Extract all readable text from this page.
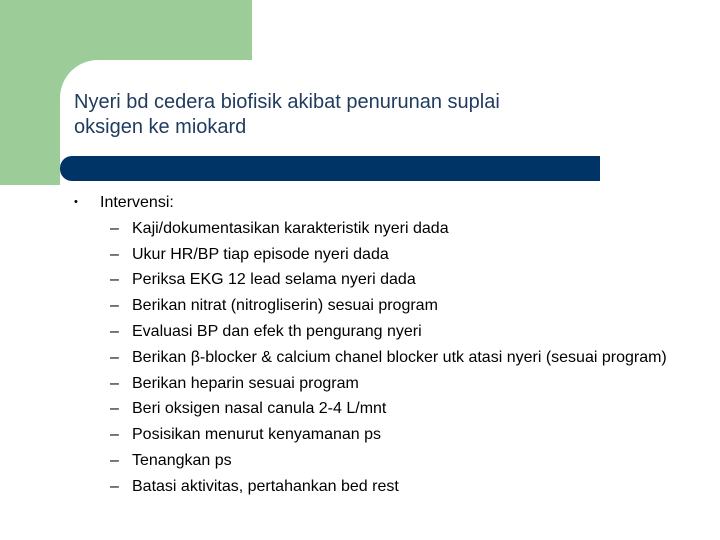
Nyeri bd cedera biofisik akibat penurunan suplai
oksigen ke miokard
•	Intervensi:
– Kaji/dokumentasikan karakteristik nyeri dada
– Ukur HR/BP tiap episode nyeri dada
– Periksa EKG 12 lead selama nyeri dada
– Berikan nitrat (nitrogliserin) sesuai program
– Evaluasi BP dan efek th pengurang nyeri
– Berikan β-blocker & calcium chanel blocker utk atasi nyeri (sesuai program)
– Berikan heparin sesuai program
– Beri oksigen nasal canula 2-4 L/mnt
– Posisikan menurut kenyamanan ps
– Tenangkan ps
– Batasi aktivitas, pertahankan bed rest
